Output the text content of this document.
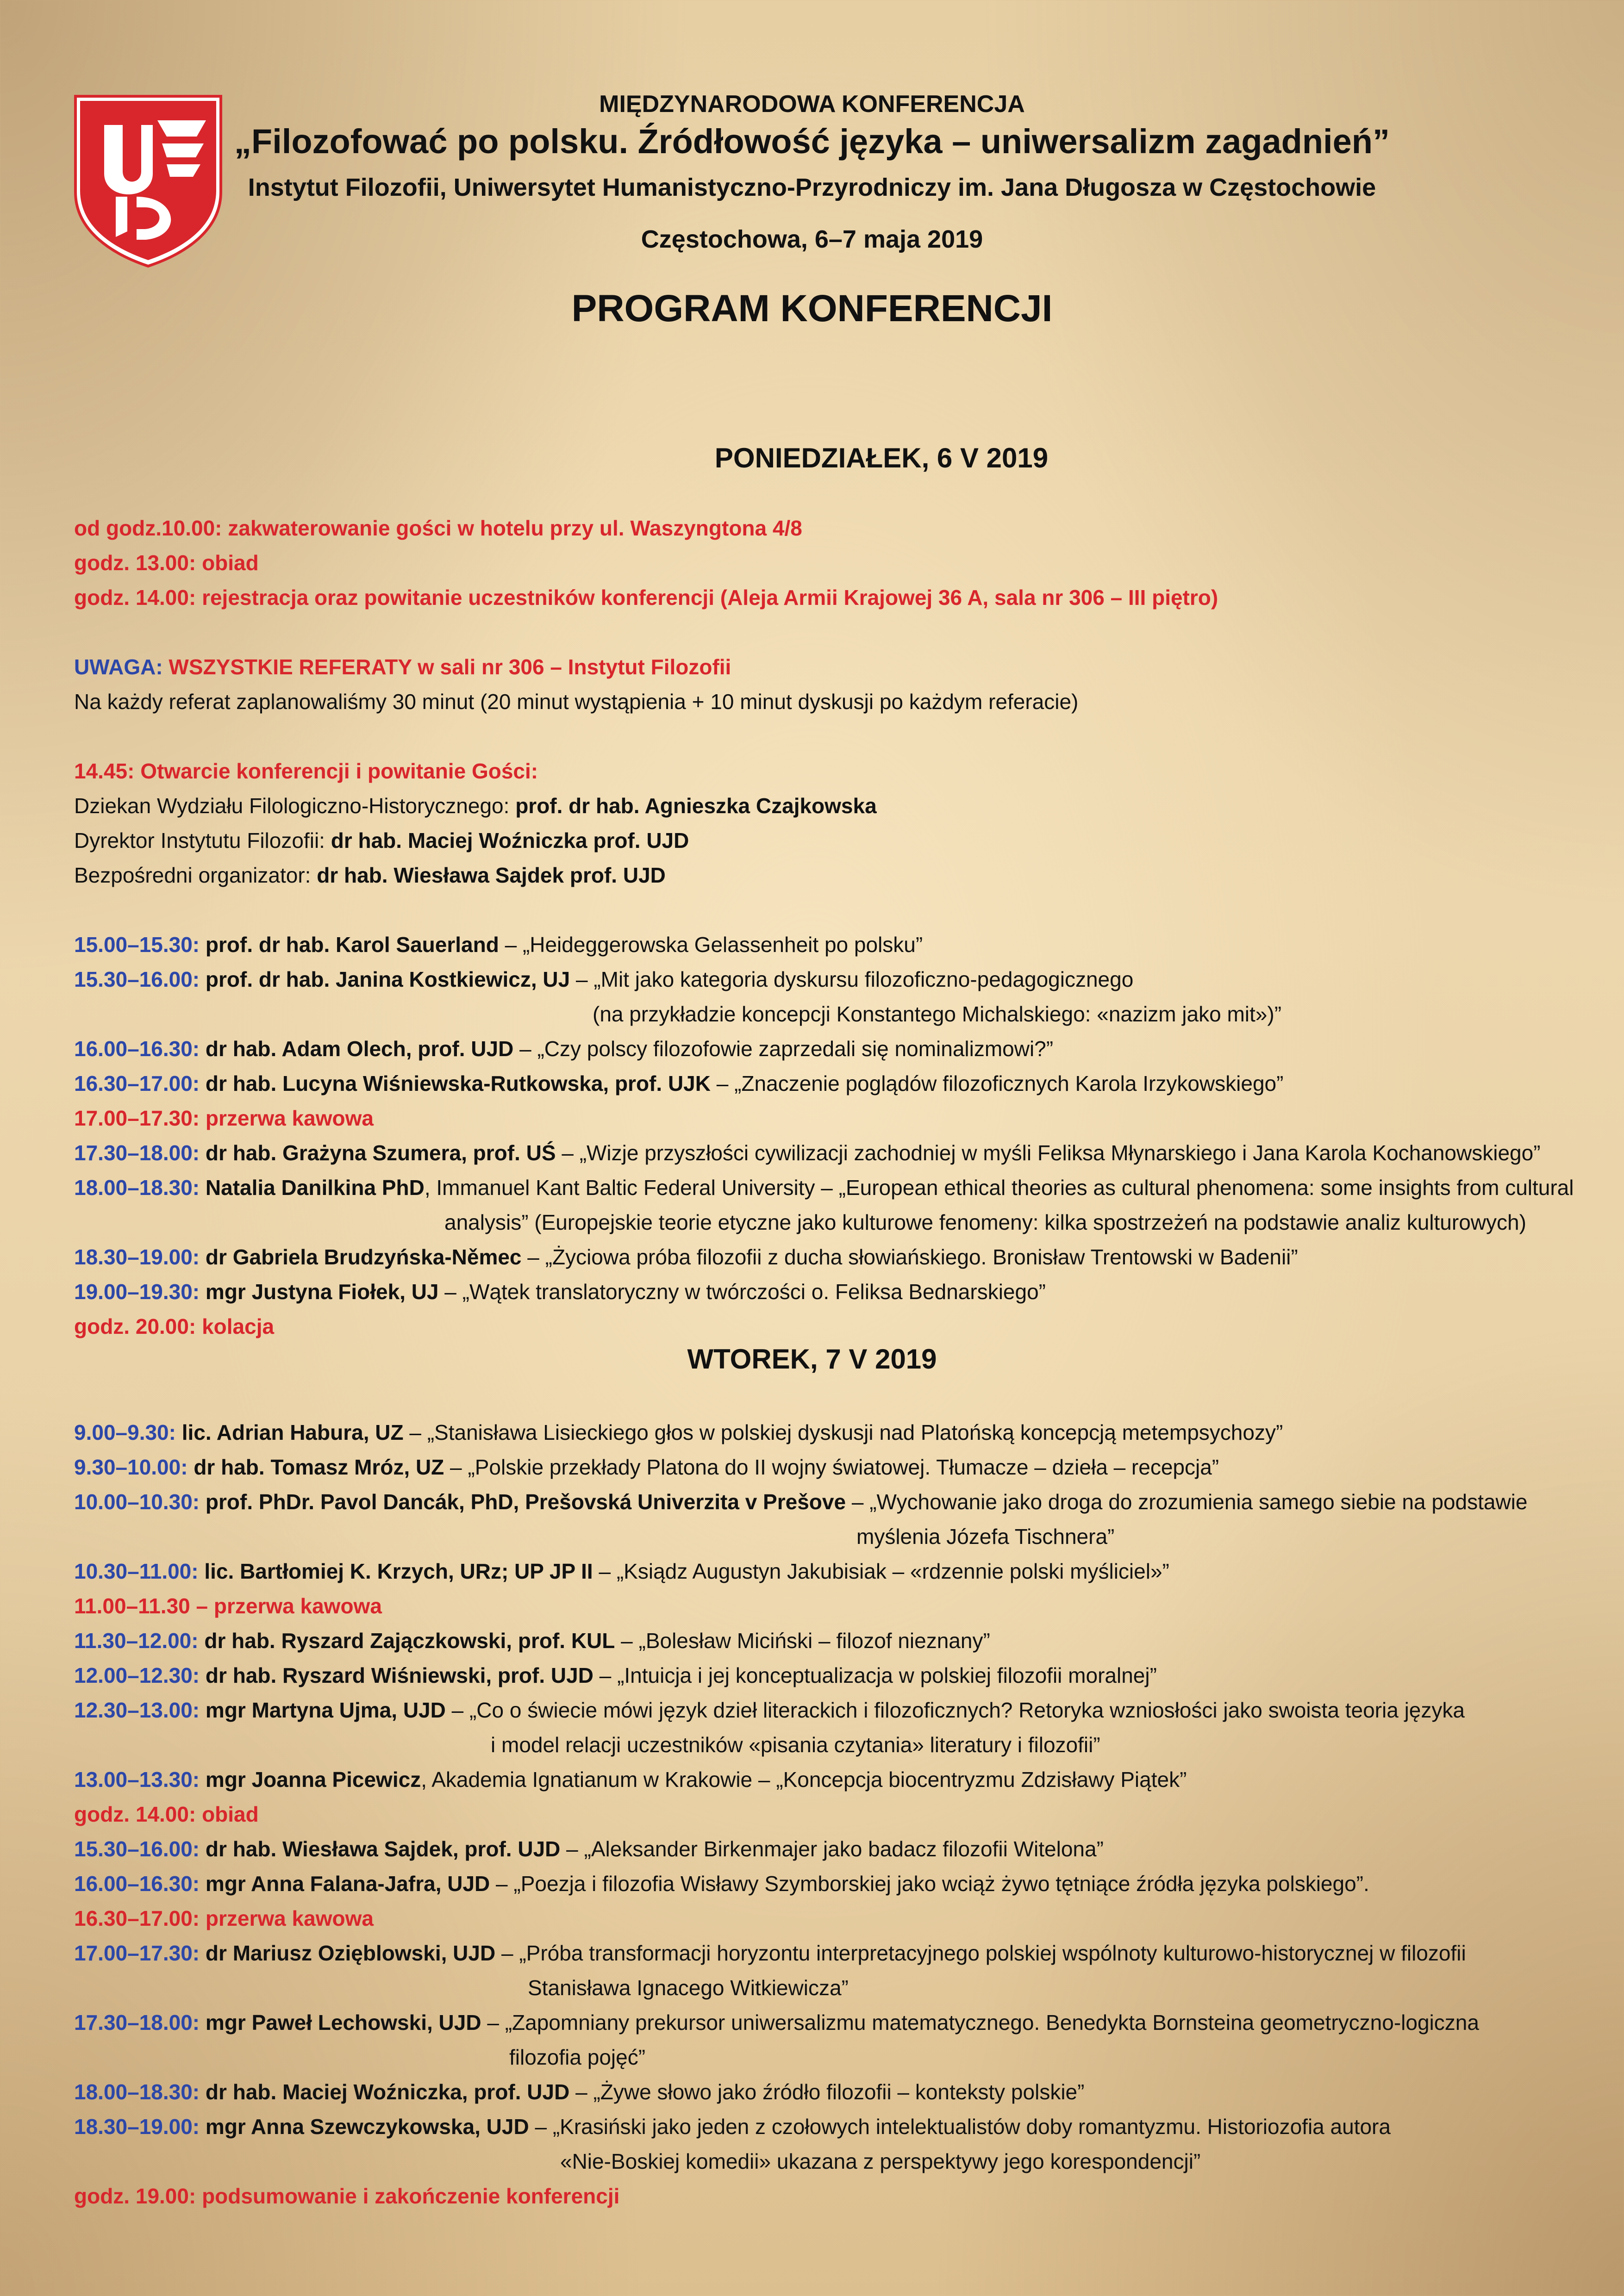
MIĘDZYNARODOWA KONFERENCJA
„Filozofować po polsku. Źródłowość języka – uniwersalizm zagadnień”
Instytut Filozofii, Uniwersytet Humanistyczno-Przyrodniczy im. Jana Długosza w Częstochowie
Częstochowa, 6–7 maja 2019
PROGRAM KONFERENCJI
PONIEDZIAŁEK, 6 V 2019
od godz.10.00: zakwaterowanie gości w hotelu przy ul. Waszyngtona 4/8
godz. 13.00: obiad
godz. 14.00: rejestracja oraz powitanie uczestników konferencji (Aleja Armii Krajowej 36 A, sala nr 306 – III piętro)
UWAGA: WSZYSTKIE REFERATY w sali nr 306 – Instytut Filozofii
Na każdy referat zaplanowaliśmy 30 minut (20 minut wystąpienia + 10 minut dyskusji po każdym referacie)
14.45: Otwarcie konferencji i powitanie Gości:
Dziekan Wydziału Filologiczno-Historycznego: prof. dr hab. Agnieszka Czajkowska
Dyrektor Instytutu Filozofii: dr hab. Maciej Woźniczka prof. UJD
Bezpośredni organizator: dr hab. Wiesława Sajdek prof. UJD
15.00–15.30: prof. dr hab. Karol Sauerland – „Heideggerowska Gelassenheit po polsku”
15.30–16.00: prof. dr hab. Janina Kostkiewicz, UJ – „Mit jako kategoria dyskursu filozoficzno-pedagogicznego
(na przykładzie koncepcji Konstantego Michalskiego: «nazizm jako mit»)”
16.00–16.30: dr hab. Adam Olech, prof. UJD – „Czy polscy filozofowie zaprzedali się nominalizmowi?”
16.30–17.00: dr hab. Lucyna Wiśniewska-Rutkowska, prof. UJK – „Znaczenie poglądów filozoficznych Karola Irzykowskiego”
17.00–17.30: przerwa kawowa
17.30–18.00: dr hab. Grażyna Szumera, prof. UŚ – „Wizje przyszłości cywilizacji zachodniej w myśli Feliksa Młynarskiego i Jana Karola Kochanowskiego”
18.00–18.30: Natalia Danilkina PhD, Immanuel Kant Baltic Federal University – „European ethical theories as cultural phenomena: some insights from cultural
analysis” (Europejskie teorie etyczne jako kulturowe fenomeny: kilka spostrzeżeń na podstawie analiz kulturowych)
18.30–19.00: dr Gabriela Brudzyńska-Němec – „Życiowa próba filozofii z ducha słowiańskiego. Bronisław Trentowski w Badenii”
19.00–19.30: mgr Justyna Fiołek, UJ – „Wątek translatoryczny w twórczości o. Feliksa Bednarskiego”
godz. 20.00: kolacja
WTOREK, 7 V 2019
9.00–9.30: lic. Adrian Habura, UZ – „Stanisława Lisieckiego głos w polskiej dyskusji nad Platońską koncepcją metempsychozy”
9.30–10.00: dr hab. Tomasz Mróz, UZ – „Polskie przekłady Platona do II wojny światowej. Tłumacze – dzieła – recepcja”
10.00–10.30: prof. PhDr. Pavol Dancák, PhD, Prešovská Univerzita v Prešove – „Wychowanie jako droga do zrozumienia samego siebie na podstawie
myślenia Józefa Tischnera”
10.30–11.00: lic. Bartłomiej K. Krzych, URz; UP JP II – „Ksiądz Augustyn Jakubisiak – «rdzennie polski myśliciel»”
11.00–11.30 – przerwa kawowa
11.30–12.00: dr hab. Ryszard Zajączkowski, prof. KUL – „Bolesław Miciński – filozof nieznany”
12.00–12.30: dr hab. Ryszard Wiśniewski, prof. UJD – „Intuicja i jej konceptualizacja w polskiej filozofii moralnej”
12.30–13.00: mgr Martyna Ujma, UJD – „Co o świecie mówi język dzieł literackich i filozoficznych? Retoryka wzniosłości jako swoista teoria języka
i model relacji uczestników «pisania czytania» literatury i filozofii”
13.00–13.30: mgr Joanna Picewicz, Akademia Ignatianum w Krakowie – „Koncepcja biocentryzmu Zdzisławy Piątek”
godz. 14.00: obiad
15.30–16.00: dr hab. Wiesława Sajdek, prof. UJD – „Aleksander Birkenmajer jako badacz filozofii Witelona”
16.00–16.30: mgr Anna Falana-Jafra, UJD – „Poezja i filozofia Wisławy Szymborskiej jako wciąż żywo tętniące źródła języka polskiego”.
16.30–17.00: przerwa kawowa
17.00–17.30: dr Mariusz Ozięblowski, UJD – „Próba transformacji horyzontu interpretacyjnego polskiej wspólnoty kulturowo-historycznej w filozofii
Stanisława Ignacego Witkiewicza”
17.30–18.00: mgr Paweł Lechowski, UJD – „Zapomniany prekursor uniwersalizmu matematycznego. Benedykta Bornsteina geometryczno-logiczna
filozofia pojęć”
18.00–18.30: dr hab. Maciej Woźniczka, prof. UJD – „Żywe słowo jako źródło filozofii – konteksty polskie”
18.30–19.00: mgr Anna Szewczykowska, UJD – „Krasiński jako jeden z czołowych intelektualistów doby romantyzmu. Historiozofia autora
«Nie-Boskiej komedii» ukazana z perspektywy jego korespondencji”
godz. 19.00: podsumowanie i zakończenie konferencji
